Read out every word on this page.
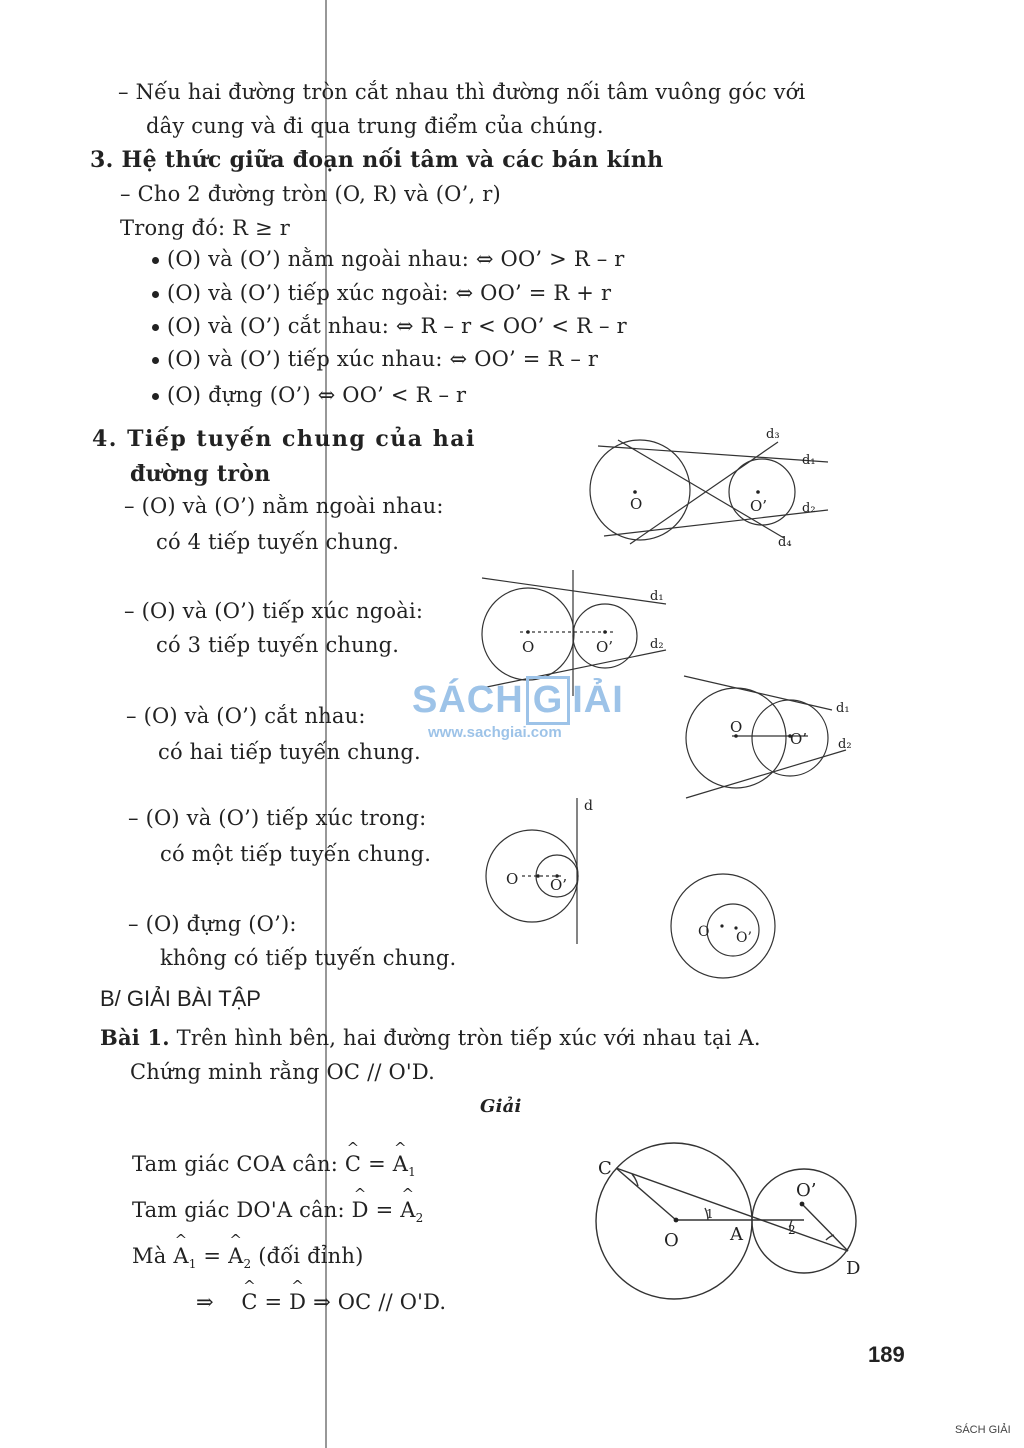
– Nếu hai đường tròn cắt nhau thì đường nối tâm vuông góc với
dây cung và đi qua trung điểm của chúng.
3. Hệ thức giữa đoạn nối tâm và các bán kính
– Cho 2 đường tròn (O, R) và (O’, r)
Trong đó: R ≥ r
(O) và (O’) nằm ngoài nhau: ⇔ OO’ > R – r
(O) và (O’) tiếp xúc ngoài: ⇔ OO’ = R + r
(O) và (O’) cắt nhau: ⇔ R – r < OO’ < R – r
(O) và (O’) tiếp xúc nhau: ⇔ OO’ = R – r
(O) đựng (O’) ⇔ OO’ < R – r
4. Tiếp tuyến chung của hai
đường tròn
– (O) và (O’) nằm ngoài nhau:
có 4 tiếp tuyến chung.
– (O) và (O’) tiếp xúc ngoài:
có 3 tiếp tuyến chung.
– (O) và (O’) cắt nhau:
có hai tiếp tuyến chung.
– (O) và (O’) tiếp xúc trong:
có một tiếp tuyến chung.
– (O) đựng (O’):
không có tiếp tuyến chung.
O	O’
d₁
d₂
d₃
d₄
O	O’
d₁
d₂
O
O’
d₁
d₂
O O’
d
O O’
B/ GIẢI BÀI TẬP
Bài 1. Trên hình bên, hai đường tròn tiếp xúc với nhau tại A.
Chứng minh rằng OC // O'D.
Giải
Tam giác COA cân: ^ C = ^ $A_1$
Tam giác DO'A cân: ^ D = ^ $A_2$
Mà ^ $A_1$ = ^ $A_2$ (đối đỉnh)
⇒ ^ C = ^ D ⇒ OC // O'D.
C
O	A
O’
D
1
2
SÁCH G IẢI
www.sachgiai.com
189
SÁCH GIẢI
